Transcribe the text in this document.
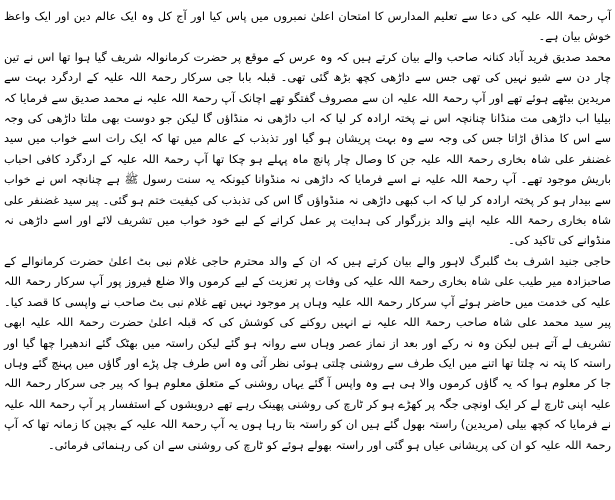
آپ رحمۃ اللہ علیہ کی دعا سے تعلیم المدارس کا امتحان اعلیٰ نمبروں میں پاس کیا اور آج کل وہ ایک عالم دین اور ایک واعظ خوش بیان ہے۔

محمد صدیق فرید آباد کنانہ صاحب والے بیان کرتے ہیں کہ وہ عرس کے موقع پر حضرت کرمانوالہ شریف گیا ہوا تھا اس نے تین چار دن سے شیو نہیں کی تھی جس سے داڑھی کچھ بڑھ گئی تھی۔ قبلہ بابا جی سرکار رحمۃ اللہ علیہ کے اردگرد بہت سے مریدین بیٹھے ہوئے تھے اور آپ رحمۃ اللہ علیہ ان سے مصروف گفتگو تھے اچانک آپ رحمۃ اللہ علیہ نے محمد صدیق سے فرمایا کہ بیلیا اب داڑھی مت منڈانا چنانچہ اس نے پختہ ارادہ کر لیا کہ اب داڑھی نہ منڈاؤں گا لیکن جو دوست بھی ملتا داڑھی کی وجہ سے اس کا مذاق اڑاتا جس کی وجہ سے وہ بہت پریشان ہو گیا اور تذبذب کے عالم میں تھا کہ ایک رات اسے خواب میں سید غضنفر علی شاہ بخاری رحمۃ اللہ علیہ جن کا وصال چار پانچ ماہ پہلے ہو چکا تھا آپ رحمۃ اللہ علیہ کے اردگرد کافی احباب باریش موجود تھے۔ آپ رحمۃ اللہ علیہ نے اسے فرمایا کہ داڑھی نہ منڈوانا کیونکہ یہ سنت رسول ﷺ ہے چنانچہ اس نے خواب سے بیدار ہو کر پختہ ارادہ کر لیا کہ اب کبھی داڑھی نہ منڈواؤں گا اس کی تذبذب کی کیفیت ختم ہو گئی۔ پیر سید غضنفر علی شاہ بخاری رحمۃ اللہ علیہ اپنے والد بزرگوار کی ہدایت پر عمل کرانے کے لیے خود خواب میں تشریف لائے اور اسے داڑھی نہ منڈوانے کی تاکید کی۔

حاجی جنید اشرف بٹ گلبرگ لاہور والے بیان کرتے ہیں کہ ان کے والد محترم حاجی غلام نبی بٹ اعلیٰ حضرت کرمانوالے کے صاحبزادہ میر طیب علی شاہ بخاری رحمۃ اللہ علیہ کی وفات پر تعزیت کے لیے کرموں والا ضلع فیروز پور آپ سرکار رحمۃ اللہ علیہ کی خدمت میں حاضر ہوئے آپ سرکار رحمۃ اللہ علیہ وہاں پر موجود نہیں تھے غلام نبی بٹ صاحب نے واپسی کا قصد کیا۔ پیر سید محمد علی شاہ صاحب رحمۃ اللہ علیہ نے انہیں روکنے کی کوشش کی کہ قبلہ اعلیٰ حضرت رحمۃ اللہ علیہ ابھی تشریف لے آتے ہیں لیکن وہ نہ رکے اور بعد از نماز عصر وہاں سے روانہ ہو گئے لیکن راستہ میں بھٹک گئے اندھیرا چھا گیا اور راستہ کا پتہ نہ چلتا تھا اتنے میں ایک طرف سے روشنی چلتی ہوئی نظر آئی وہ اس طرف چل پڑے اور گاؤں میں پہنچ گئے وہاں جا کر معلوم ہوا کہ یہ گاؤں کرموں والا ہی ہے وہ واپس آ گئے یہاں روشنی کے متعلق معلوم ہوا کہ پیر جی سرکار رحمۃ اللہ علیہ اپنی ٹارچ لے کر ایک اونچی جگہ پر کھڑے ہو کر ٹارچ کی روشنی پھینک رہے تھے درویشوں کے استفسار پر آپ رحمۃ اللہ علیہ نے فرمایا کہ کچھ بیلی (مریدین) راستہ بھول گئے ہیں ان کو راستہ بتا رہا ہوں یہ آپ رحمۃ اللہ علیہ کے بچپن کا زمانہ تھا کہ آپ رحمۃ اللہ علیہ کو ان کی پریشانی عیاں ہو گئی اور راستہ بھولے ہوئے کو ٹارچ کی روشنی سے ان کی رہنمائی فرمائی۔
